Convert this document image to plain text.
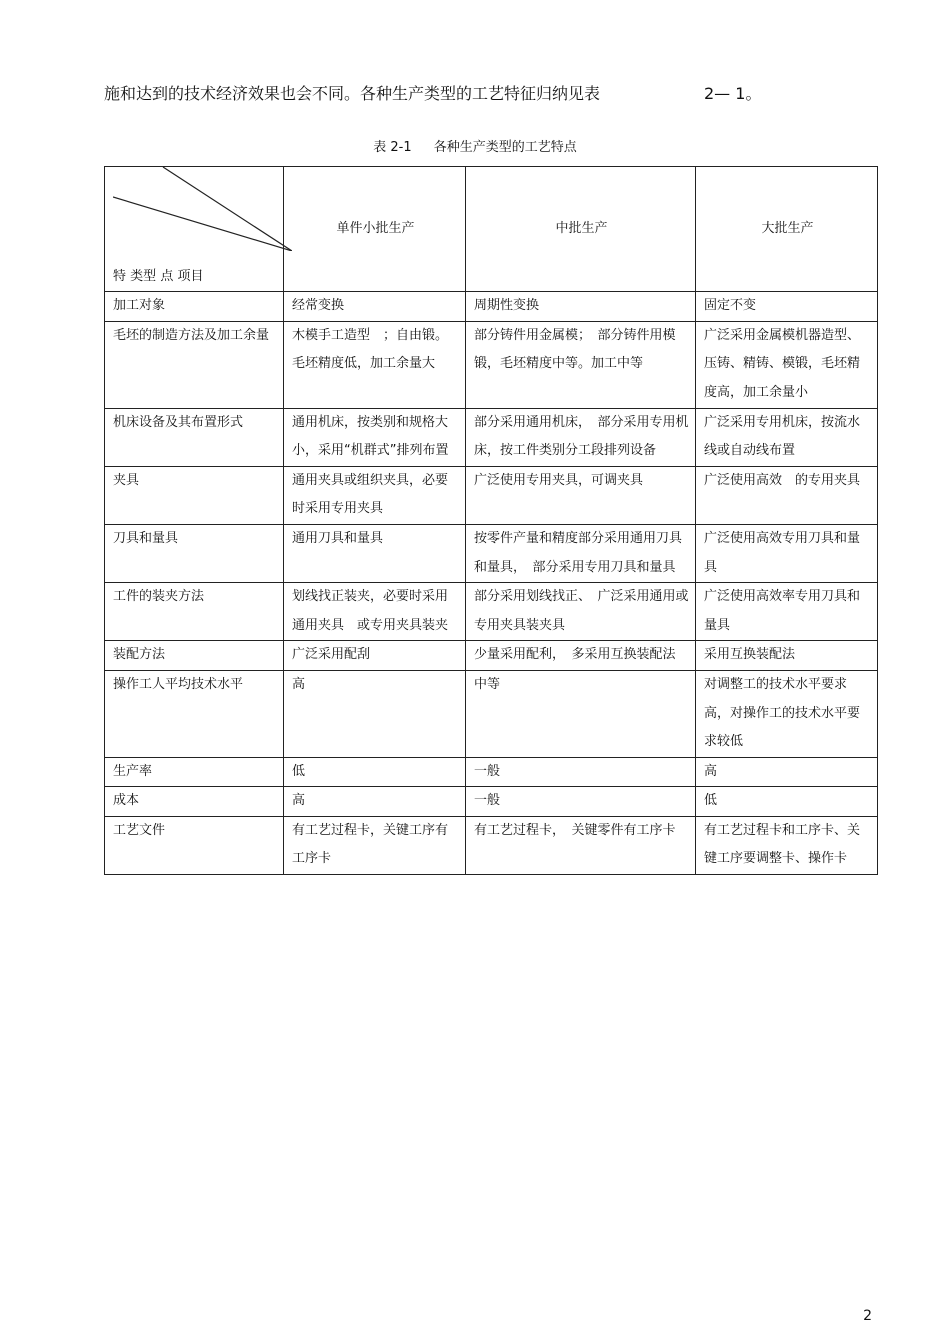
施和达到的技术经济效果也会不同。各种生产类型的工艺特征归纳见表	2— 1。
表 2-1 各种生产类型的工艺特点
特 类型 点 项目	单件小批生产	中批生产	大批生产
加工对象	经常变换	周期性变换	固定不变
毛坯的制造方法及加工余量	木模手工造型　；自由锻。毛坯精度低，加工余量大	部分铸件用金属模；　部分铸件用模锻，毛坯精度中等。加工中等	广泛采用金属模机器造型、压铸、精铸、模锻，毛坯精度高，加工余量小
机床设备及其布置形式	通用机床，按类别和规格大小，采用“机群式”排列布置	部分采用通用机床，　部分采用专用机床，按工件类别分工段排列设备	广泛采用专用机床，按流水线或自动线布置
夹具	通用夹具或组织夹具，必要时采用专用夹具	广泛使用专用夹具，可调夹具	广泛使用高效　的专用夹具
刀具和量具	通用刀具和量具	按零件产量和精度部分采用通用刀具和量具，　部分采用专用刀具和量具	广泛使用高效专用刀具和量具
工件的装夹方法	划线找正装夹，必要时采用通用夹具　或专用夹具装夹	部分采用划线找正、　广泛采用通用或专用夹具装夹具	广泛使用高效率专用刀具和量具
装配方法	广泛采用配刮	少量采用配利，　多采用互换装配法	采用互换装配法
操作工人平均技术水平	高	中等	对调整工的技术水平要求高，对操作工的技术水平要求较低
生产率	低	一般	高
成本	高	一般	低
工艺文件	有工艺过程卡，关键工序有工序卡	有工艺过程卡，　关键零件有工序卡	有工艺过程卡和工序卡、关键工序要调整卡、操作卡
2
